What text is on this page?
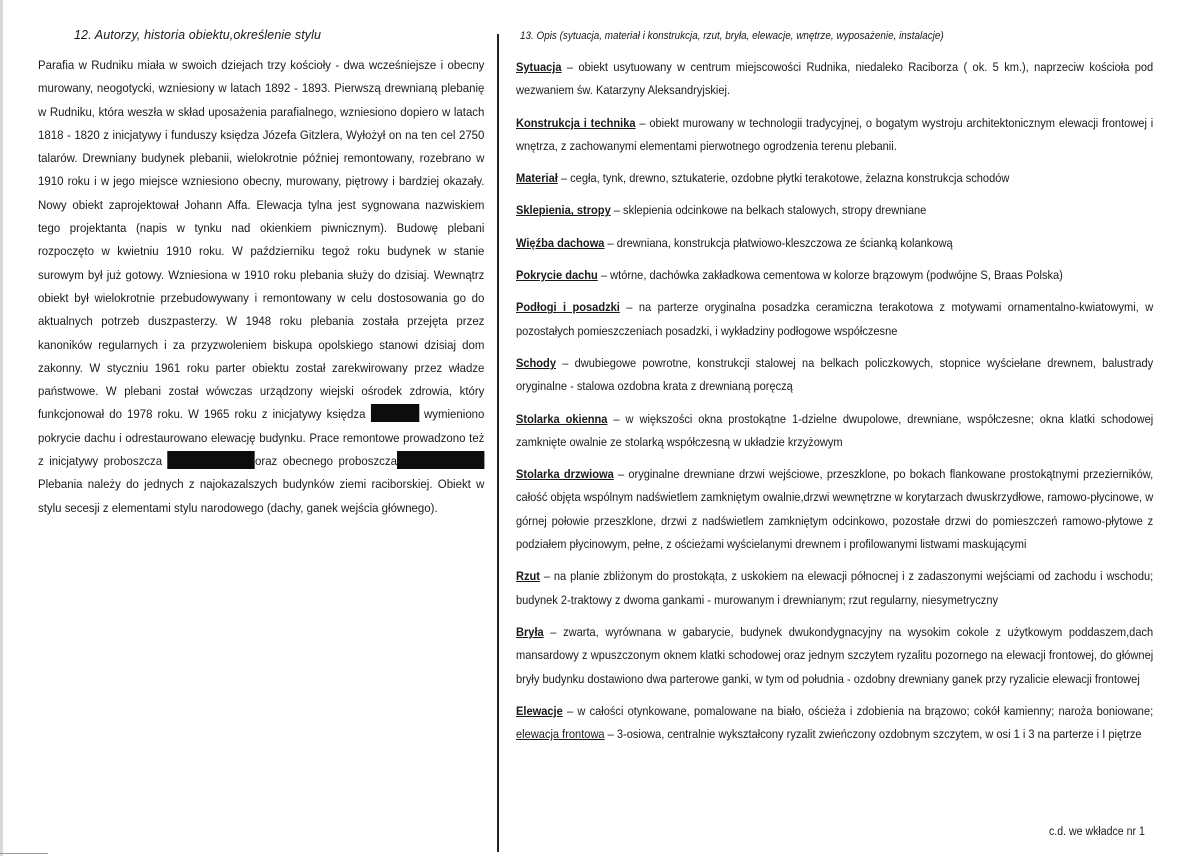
12. Autorzy, historia obiektu,określenie stylu

Parafia w Rudniku miała w swoich dziejach trzy kościoły - dwa wcześniejsze i obecny murowany, neogotycki, wzniesiony w latach 1892 - 1893. Pierwszą drewnianą plebanię w Rudniku, która weszła w skład uposażenia parafialnego, wzniesiono dopiero w latach 1818 - 1820 z inicjatywy i funduszy księdza Józefa Gitzlera, Wyłożył on na ten cel 2750 talarów. Drewniany budynek plebanii, wielokrotnie później remontowany, rozebrano w 1910 roku i w jego miejsce wzniesiono obecny, murowany, piętrowy i bardziej okazały. Nowy obiekt zaprojektował Johann Affa. Elewacja tylna jest sygnowana nazwiskiem tego projektanta (napis w tynku nad okienkiem piwnicznym). Budowę plebani rozpoczęto w kwietniu 1910 roku. W październiku tegoż roku budynek w stanie surowym był już gotowy. Wzniesiona w 1910 roku plebania służy do dzisiaj. Wewnątrz obiekt był wielokrotnie przebudowywany i remontowany w celu dostosowania go do aktualnych potrzeb duszpasterzy. W 1948 roku plebania została przejęta przez kanoników regularnych i za przyzwoleniem biskupa opolskiego stanowi dzisiaj dom zakonny. W styczniu 1961 roku parter obiektu został zarekwirowany przez władze państwowe. W plebani został wówczas urządzony wiejski ośrodek zdrowia, który funkcjonował do 1978 roku. W 1965 roku z inicjatywy księdza	wymieniono pokrycie dachu i odrestaurowano elewację budynku. Prace remontowe prowadzono też z inicjatywy proboszcza	oraz obecnego proboszcza Plebania należy do jednych z najokazalszych budynków ziemi raciborskiej. Obiekt w stylu secesji z elementami stylu narodowego (dachy, ganek wejścia głównego).

13. Opis (sytuacja, materiał i konstrukcja, rzut, bryła, elewacje, wnętrze, wyposażenie, instalacje)

Sytuacja – obiekt usytuowany w centrum miejscowości Rudnika, niedaleko Raciborza ( ok. 5 km.), naprzeciw kościoła pod wezwaniem św. Katarzyny Aleksandryjskiej.

Konstrukcja i technika – obiekt murowany w technologii tradycyjnej, o bogatym wystroju architektonicznym elewacji frontowej i wnętrza, z zachowanymi elementami pierwotnego ogrodzenia terenu plebanii.

Materiał – cegła, tynk, drewno, sztukaterie, ozdobne płytki terakotowe, żelazna konstrukcja schodów

Sklepienia, stropy – sklepienia odcinkowe na belkach stalowych, stropy drewniane

Więźba dachowa – drewniana, konstrukcja płatwiowo-kleszczowa ze ścianką kolankową

Pokrycie dachu – wtórne, dachówka zakładkowa cementowa w kolorze brązowym (podwójne S, Braas Polska)

Podłogi i posadzki – na parterze oryginalna posadzka ceramiczna terakotowa z motywami ornamentalno-kwiatowymi, w pozostałych pomieszczeniach posadzki, i wykładziny podłogowe współczesne

Schody – dwubiegowe powrotne, konstrukcji stalowej na belkach policzkowych, stopnice wyściełane drewnem, balustrady oryginalne - stalowa ozdobna krata z drewnianą poręczą

Stolarka okienna – w większości okna prostokątne 1-dzielne dwupolowe, drewniane, współczesne; okna klatki schodowej zamknięte owalnie ze stolarką współczesną w układzie krzyżowym

Stolarka drzwiowa – oryginalne drewniane drzwi wejściowe, przeszklone, po bokach flankowane prostokątnymi przezierników, całość objęta wspólnym nadświetlem zamkniętym owalnie,drzwi wewnętrzne w korytarzach dwuskrzydłowe, ramowo-płycinowe, w górnej połowie przeszklone, drzwi z nadświetlem zamkniętym odcinkowo, pozostałe drzwi do pomieszczeń ramowo-płytowe z podziałem płycinowym, pełne, z ościeżami wyścielanymi drewnem i profilowanymi listwami maskującymi

Rzut – na planie zbliżonym do prostokąta, z uskokiem na elewacji północnej i z zadaszonymi wejściami od zachodu i wschodu; budynek 2-traktowy z dwoma gankami - murowanym i drewnianym; rzut regularny, niesymetryczny

Bryła – zwarta, wyrównana w gabarycie, budynek dwukondygnacyjny na wysokim cokole z użytkowym poddaszem,dach mansardowy z wpuszczonym oknem klatki schodowej oraz jednym szczytem ryzalitu pozornego na elewacji frontowej, do głównej bryły budynku dostawiono dwa parterowe ganki, w tym od południa - ozdobny drewniany ganek przy ryzalicie elewacji frontowej

Elewacje – w całości otynkowane, pomalowane na biało, ościeża i zdobienia na brązowo; cokół kamienny; naroża boniowane; elewacja frontowa – 3-osiowa, centralnie wykształcony ryzalit zwieńczony ozdobnym szczytem, w osi 1 i 3 na parterze i I piętrze

c.d. we wkładce nr 1
